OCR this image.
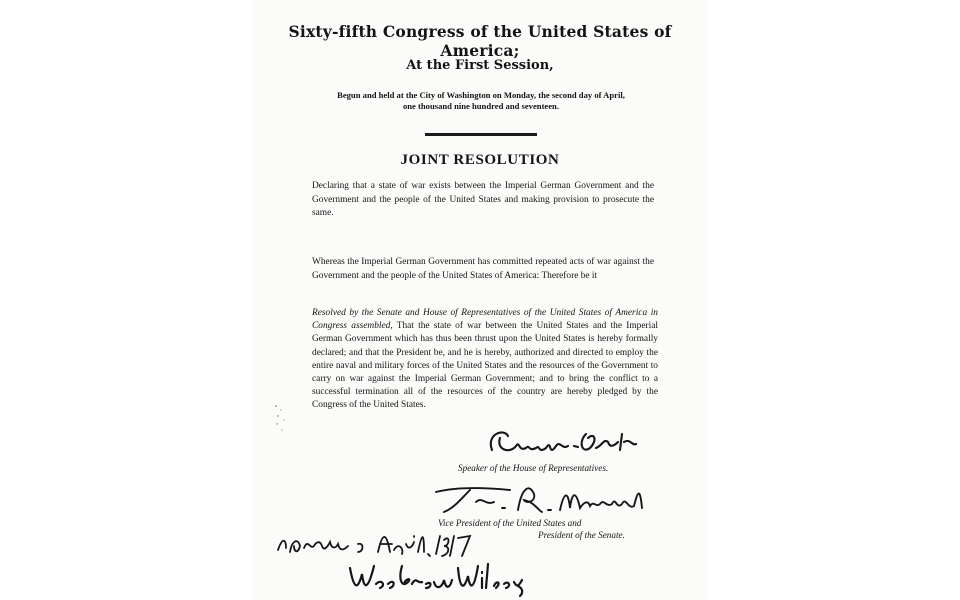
Sixty-fifth Congress of the United States of America;

At the First Session,

Begun and held at the City of Washington on Monday, the second day of April,
one thousand nine hundred and seventeen.

JOINT RESOLUTION

Declaring that a state of war exists between the Imperial German Government and the Government and the people of the United States and making provision to prosecute the same.

Whereas the Imperial German Government has committed repeated acts of war against the Government and the people of the United States of America: Therefore be it

Resolved by the Senate and House of Representatives of the United States of America in Congress assembled, That the state of war between the United States and the Imperial German Government which has thus been thrust upon the United States is hereby formally declared; and that the President be, and he is hereby, authorized and directed to employ the entire naval and military forces of the United States and the resources of the Government to carry on war against the Imperial German Government; and to bring the conflict to a successful termination all of the resources of the country are hereby pledged by the Congress of the United States.

Speaker of the House of Representatives.
Vice President of the United States and
President of the Senate.
